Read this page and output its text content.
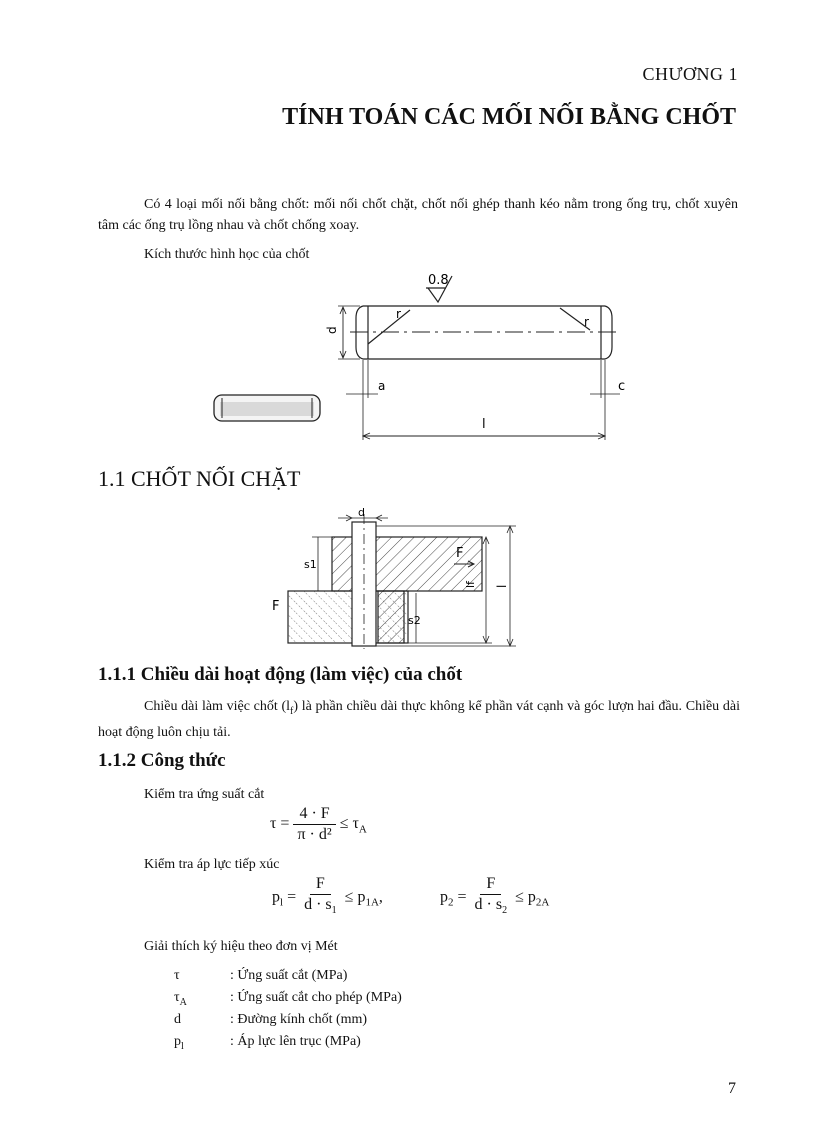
CHƯƠNG 1
TÍNH TOÁN CÁC MỐI NỐI BẰNG CHỐT
Có 4 loại mối nối bằng chốt: mối nối chốt chặt, chốt nối ghép thanh kéo nằm trong ống trụ, chốt xuyên tâm các ống trụ lồng nhau và chốt chống xoay.
Kích thước hình học của chốt
0.8
d
a	c
l
r
r
1.1 CHỐT NỐI CHẶT
d
F
F
s1
s2
lf l
1.1.1 Chiều dài hoạt động (làm việc) của chốt
Chiều dài làm việc chốt $(l_f)$ là phần chiều dài thực không kể phần vát cạnh và góc lượn hai đầu. Chiều dài hoạt động luôn chịu tải.
1.1.2 Công thức
Kiểm tra ứng suất cắt
$\tau = \frac{4 \cdot F}{\text{π · d²}} \le \tau_A$
Kiểm tra áp lực tiếp xúc
$p_l = \frac{F}{d \cdot s_1} \le p_{1A}$,	$p_2 = \frac{F}{d \cdot s_2} \le p_{2A}$
Giải thích ký hiệu theo đơn vị Mét
τ	: Ứng suất cắt (MPa)
$\tau_A$	: Ứng suất cắt cho phép (MPa)
d	: Đường kính chốt (mm)
$p_l$	: Áp lực lên trục (MPa)
7
